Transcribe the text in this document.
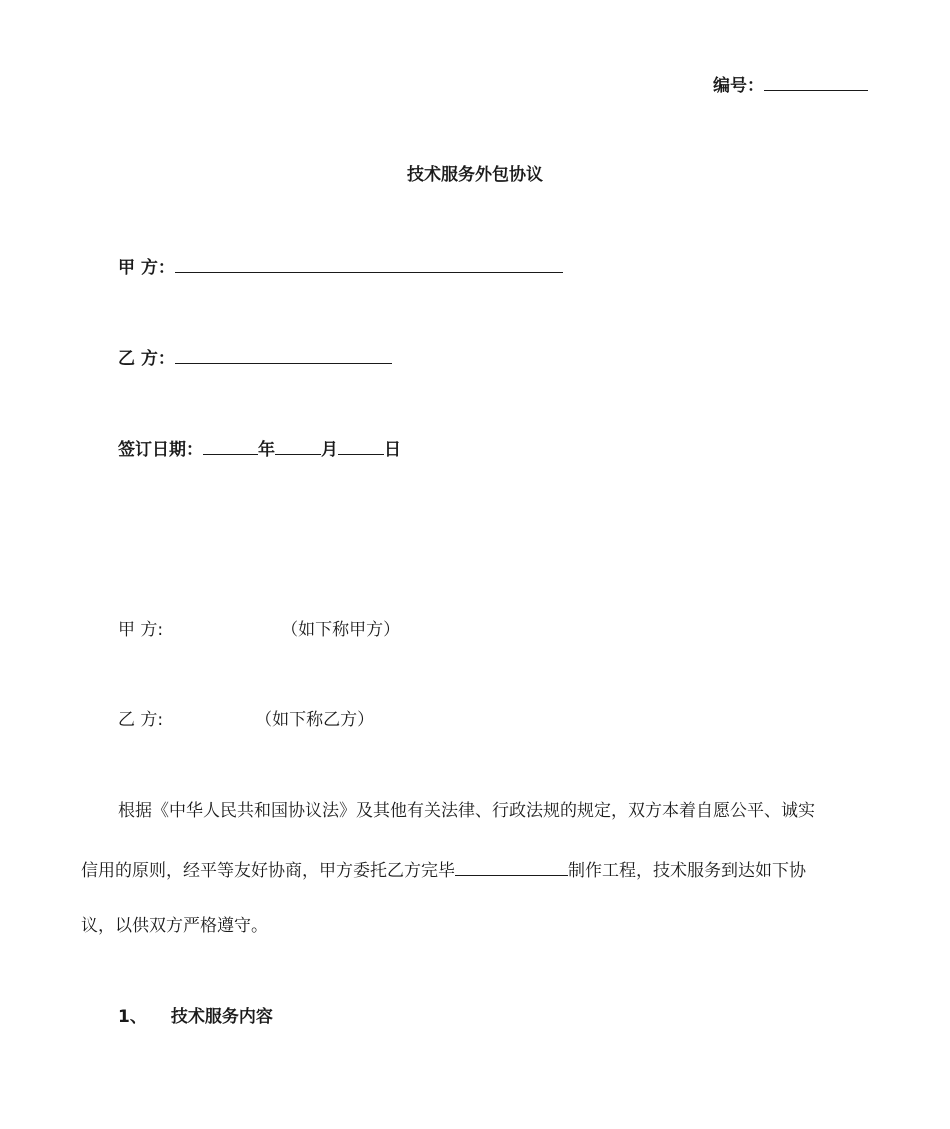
编号：
技术服务外包协议
甲 方：
乙 方：
签订日期：	年	月	日
甲 方:	（如下称甲方）
乙 方:	（如下称乙方）
根据《中华人民共和国协议法》及其他有关法律、行政法规的规定，双方本着自愿公平、诚实
信用的原则，经平等友好协商，甲方委托乙方完毕	制作工程，技术服务到达如下协
议，以供双方严格遵守。
1、 技术服务内容
